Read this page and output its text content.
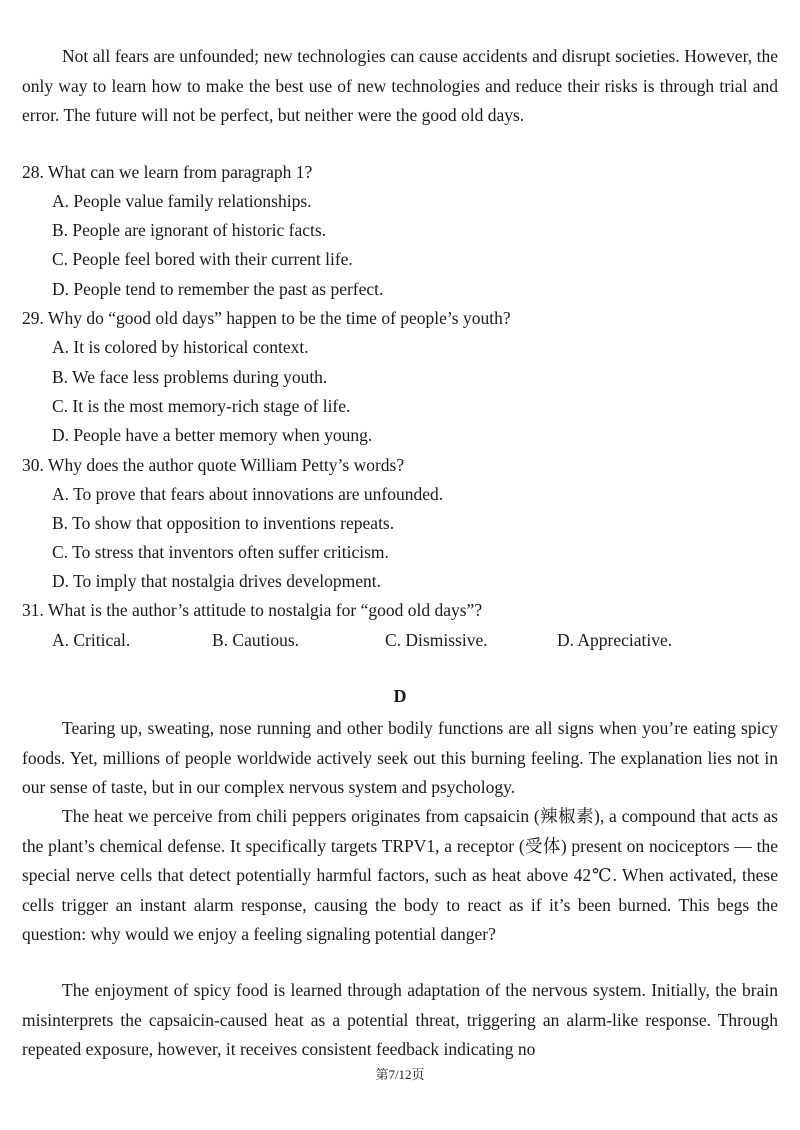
Not all fears are unfounded; new technologies can cause accidents and disrupt societies. However, the only way to learn how to make the best use of new technologies and reduce their risks is through trial and error. The future will not be perfect, but neither were the good old days.

28. What can we learn from paragraph 1?

A. People value family relationships.

B. People are ignorant of historic facts.

C. People feel bored with their current life.

D. People tend to remember the past as perfect.

29. Why do “good old days” happen to be the time of people’s youth?

A. It is colored by historical context.

B. We face less problems during youth.

C. It is the most memory-rich stage of life.

D. People have a better memory when young.

30. Why does the author quote William Petty’s words?

A. To prove that fears about innovations are unfounded.

B. To show that opposition to inventions repeats.

C. To stress that inventors often suffer criticism.

D. To imply that nostalgia drives development.

31. What is the author’s attitude to nostalgia for “good old days”?

A. Critical.	B. Cautious.	C. Dismissive.	D. Appreciative.
D

Tearing up, sweating, nose running and other bodily functions are all signs when you’re eating spicy foods. Yet, millions of people worldwide actively seek out this burning feeling. The explanation lies not in our sense of taste, but in our complex nervous system and psychology.

The heat we perceive from chili peppers originates from capsaicin (辣椒素), a compound that acts as the plant’s chemical defense. It specifically targets TRPV1, a receptor (受体) present on nociceptors — the special nerve cells that detect potentially harmful factors, such as heat above 42℃. When activated, these cells trigger an instant alarm response, causing the body to react as if it’s been burned. This begs the question: why would we enjoy a feeling signaling potential danger?

The enjoyment of spicy food is learned through adaptation of the nervous system. Initially, the brain misinterprets the capsaicin-caused heat as a potential threat, triggering an alarm-like response. Through repeated exposure, however, it receives consistent feedback indicating no

第7/12页
